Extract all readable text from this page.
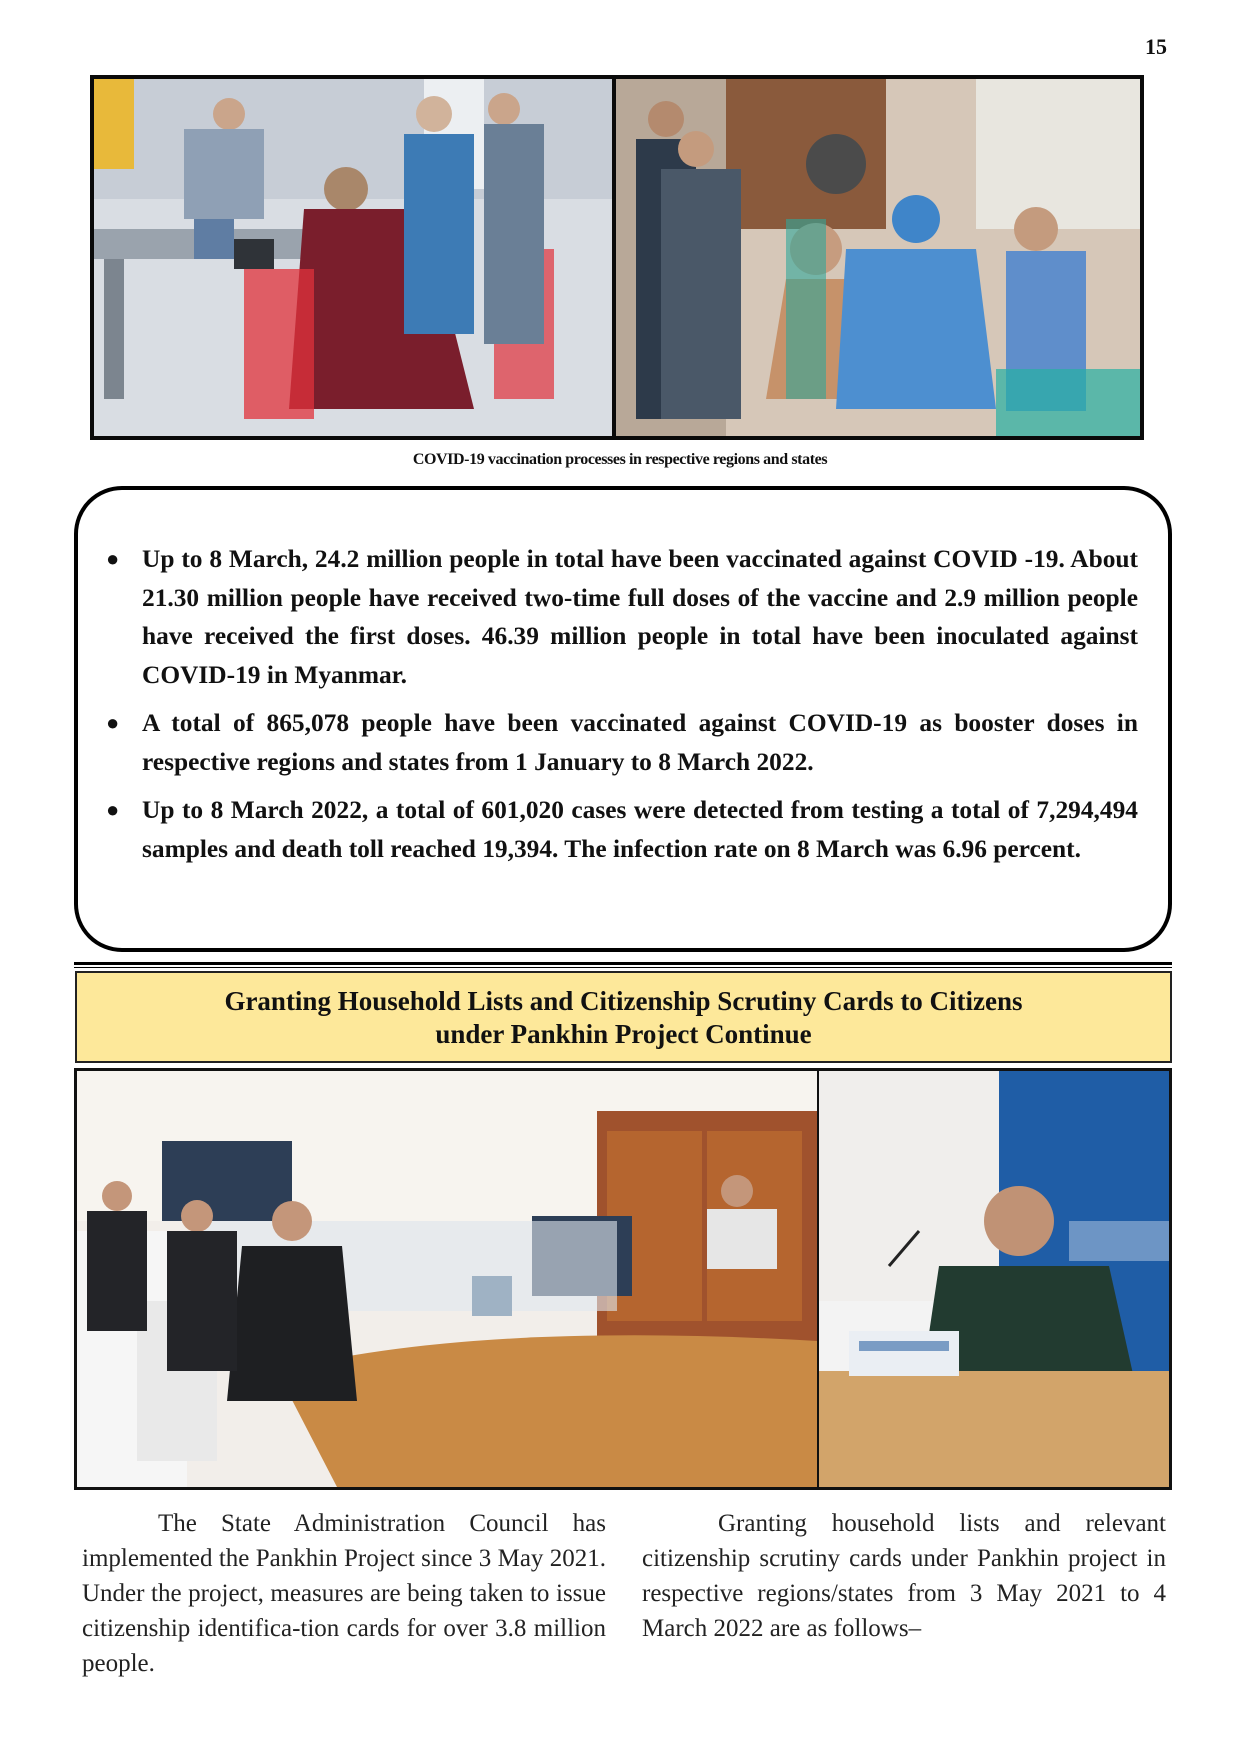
15
COVID-19 vaccination processes in respective regions and states
● Up to 8 March, 24.2 million people in total have been vaccinated against COVID -19. About 21.30 million people have received two-time full doses of the vaccine and 2.9 million people have received the first doses. 46.39 million people in total have been inoculated against COVID-19 in Myanmar.
● A total of 865,078 people have been vaccinated against COVID-19 as booster doses in respective regions and states from 1 January to 8 March 2022.
● Up to 8 March 2022, a total of 601,020 cases were detected from testing a total of 7,294,494 samples and death toll reached 19,394. The infection rate on 8 March was 6.96 percent.
Granting Household Lists and Citizenship Scrutiny Cards to Citizens
under Pankhin Project Continue

The State Administration Council has implemented the Pankhin Project since 3 May 2021. Under the project, measures are being taken to issue citizenship identifica-tion cards for over 3.8 million people.

Granting household lists and relevant citizenship scrutiny cards under Pankhin project in respective regions/states from 3 May 2021 to 4 March 2022 are as follows–
